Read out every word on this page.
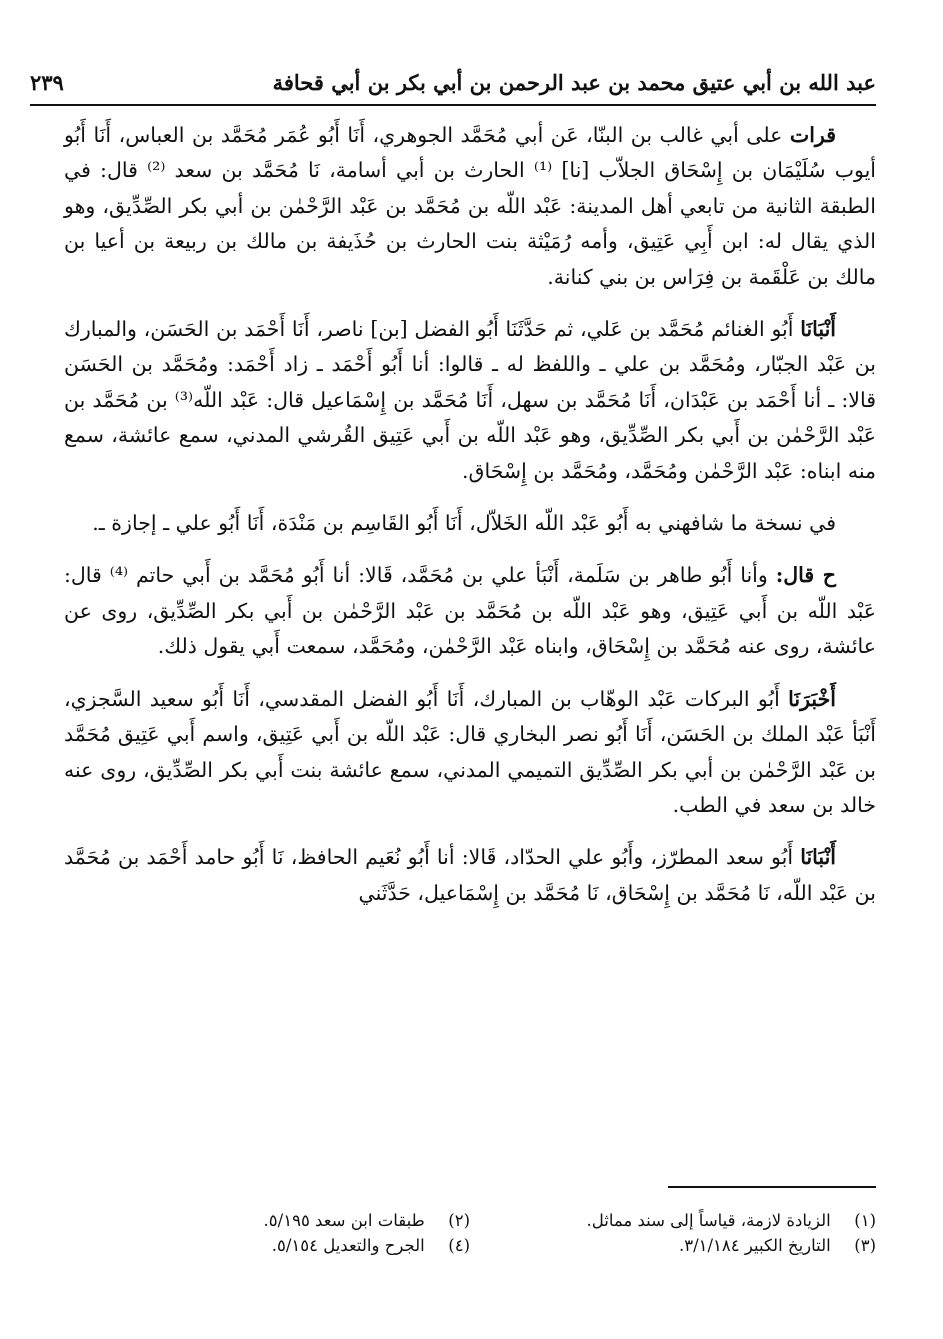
عبد الله بن أبي عتيق محمد بن عبد الرحمن بن أبي بكر بن أبي قحافة
٢٣٩

قرات على أبي غالب بن البنّا، عَن أبي مُحَمَّد الجوهري، أَنَا أَبُو عُمَر مُحَمَّد بن العباس، أَنَا أَبُو أيوب سُلَيْمَان بن إِسْحَاق الجلاّب [نا] ⁽¹⁾ الحارث بن أبي أسامة، نَا مُحَمَّد بن سعد ⁽²⁾ قال: في الطبقة الثانية من تابعي أهل المدينة: عَبْد اللّه بن مُحَمَّد بن عَبْد الرَّحْمٰن بن أبي بكر الصِّدِّيق، وهو الذي يقال له: ابن أَبِي عَتِيق، وأمه رُمَيْثة بنت الحارث بن حُذَيفة بن مالك بن ربيعة بن أعيا بن مالك بن عَلْقَمة بن فِرَاس بن بني كنانة.

أَنْبَانَا أَبُو الغنائم مُحَمَّد بن عَلي، ثم حَدَّثَنَا أَبُو الفضل [بن] ناصر، أَنَا أَحْمَد بن الحَسَن، والمبارك بن عَبْد الجبّار، ومُحَمَّد بن علي ـ واللفظ له ـ قالوا: أنا أَبُو أَحْمَد ـ زاد أَحْمَد: ومُحَمَّد بن الحَسَن قالا: ـ أنا أَحْمَد بن عَبْدَان، أَنَا مُحَمَّد بن سهل، أَنَا مُحَمَّد بن إِسْمَاعيل قال: عَبْد اللّه⁽³⁾ بن مُحَمَّد بن عَبْد الرَّحْمٰن بن أَبي بكر الصِّدِّيق، وهو عَبْد اللّه بن أَبي عَتِيق القُرشي المدني، سمع عائشة، سمع منه ابناه: عَبْد الرَّحْمٰن ومُحَمَّد، ومُحَمَّد بن إِسْحَاق.

في نسخة ما شافهني به أَبُو عَبْد اللّه الخَلاّل، أَنَا أَبُو القَاسِم بن مَنْدَة، أَنَا أَبُو علي ـ إجازة ـ.

ح قال: وأنا أَبُو طاهر بن سَلَمة، أَنْبَأ علي بن مُحَمَّد، قَالا: أنا أَبُو مُحَمَّد بن أَبي حاتم ⁽⁴⁾ قال: عَبْد اللّه بن أَبي عَتِيق، وهو عَبْد اللّه بن مُحَمَّد بن عَبْد الرَّحْمٰن بن أَبي بكر الصِّدِّيق، روى عن عائشة، روى عنه مُحَمَّد بن إِسْحَاق، وابناه عَبْد الرَّحْمٰن، ومُحَمَّد، سمعت أَبي يقول ذلك.

أَخْبَرَنَا أَبُو البركات عَبْد الوهّاب بن المبارك، أَنَا أَبُو الفضل المقدسي، أَنَا أَبُو سعيد السَّجزي، أَنْبَأ عَبْد الملك بن الحَسَن، أَنَا أَبُو نصر البخاري قال: عَبْد اللّه بن أَبي عَتِيق، واسم أَبي عَتِيق مُحَمَّد بن عَبْد الرَّحْمٰن بن أبي بكر الصِّدِّيق التميمي المدني، سمع عائشة بنت أَبي بكر الصِّدِّيق، روى عنه خالد بن سعد في الطب.

أَنْبَانَا أَبُو سعد المطرّز، وأَبُو علي الحدّاد، قَالا: أنا أَبُو نُعَيم الحافظ، نَا أَبُو حامد أَحْمَد بن مُحَمَّد بن عَبْد اللّه، نَا مُحَمَّد بن إِسْحَاق، نَا مُحَمَّد بن إِسْمَاعيل، حَدَّثَني

(١) الزيادة لازمة، قياساً إلى سند مماثل.
(٣) التاريخ الكبير ٣/١/١٨٤.
(٢) طبقات ابن سعد ٥/١٩٥.
(٤) الجرح والتعديل ٥/١٥٤.
